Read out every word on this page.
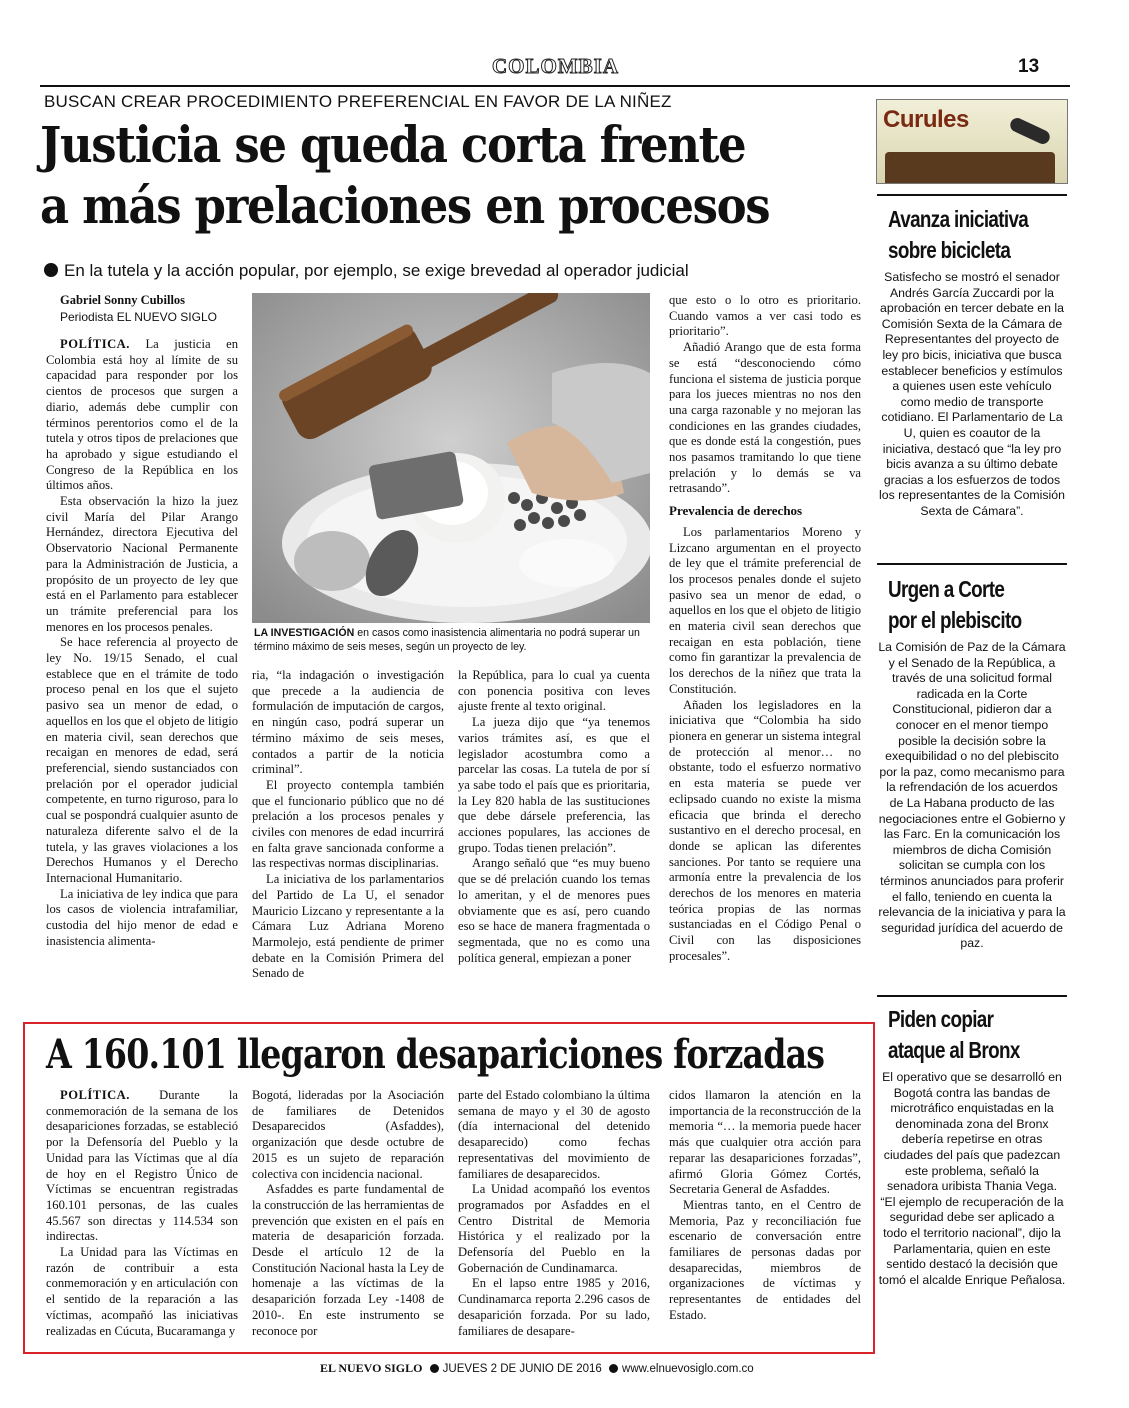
COLOMBIA	13
BUSCAN CREAR PROCEDIMIENTO PREFERENCIAL EN FAVOR DE LA NIÑEZ
Justicia se queda corta frente
a más prelaciones en procesos
En la tutela y la acción popular, por ejemplo, se exige brevedad al operador judicial
Gabriel Sonny Cubillos
Periodista EL NUEVO SIGLO

POLÍTICA. La justicia en Colombia está hoy al límite de su capacidad para responder por los cientos de procesos que surgen a diario, además debe cumplir con términos perentorios como el de la tutela y otros tipos de prelaciones que ha aprobado y sigue estudiando el Congreso de la República en los últimos años.

Esta observación la hizo la juez civil María del Pilar Arango Hernández, directora Ejecutiva del Observatorio Nacional Permanente para la Administración de Justicia, a propósito de un proyecto de ley que está en el Parlamento para establecer un trámite preferencial para los menores en los procesos penales.

Se hace referencia al proyecto de ley No. 19/15 Senado, el cual establece que en el trámite de todo proceso penal en los que el sujeto pasivo sea un menor de edad, o aquellos en los que el objeto de litigio en materia civil, sean derechos que recaigan en menores de edad, será preferencial, siendo sustanciados con prelación por el operador judicial competente, en turno riguroso, para lo cual se pospondrá cualquier asunto de naturaleza diferente salvo el de la tutela, y las graves violaciones a los Derechos Humanos y el Derecho Internacional Humanitario.

La iniciativa de ley indica que para los casos de violencia intrafamiliar, custodia del hijo menor de edad e inasistencia alimenta-

LA INVESTIGACIÓN en casos como inasistencia alimentaria no podrá superar un término máximo de seis meses, según un proyecto de ley.

ria, “la indagación o investigación que precede a la audiencia de formulación de imputación de cargos, en ningún caso, podrá superar un término máximo de seis meses, contados a partir de la noticia criminal”.

El proyecto contempla también que el funcionario público que no dé prelación a los procesos penales y civiles con menores de edad incurrirá en falta grave sancionada conforme a las respectivas normas disciplinarias.

La iniciativa de los parlamentarios del Partido de La U, el senador Mauricio Lizcano y representante a la Cámara Luz Adriana Moreno Marmolejo, está pendiente de primer debate en la Comisión Primera del Senado de

la República, para lo cual ya cuenta con ponencia positiva con leves ajuste frente al texto original.

La jueza dijo que “ya tenemos varios trámites así, es que el legislador acostumbra como a parcelar las cosas. La tutela de por sí ya sabe todo el país que es prioritaria, la Ley 820 habla de las sustituciones que debe dársele preferencia, las acciones populares, las acciones de grupo. Todas tienen prelación”.

Arango señaló que “es muy bueno que se dé prelación cuando los temas lo ameritan, y el de menores pues obviamente que es así, pero cuando eso se hace de manera fragmentada o segmentada, que no es como una política general, empiezan a poner

que esto o lo otro es prioritario. Cuando vamos a ver casi todo es prioritario”.

Añadió Arango que de esta forma se está “desconociendo cómo funciona el sistema de justicia porque para los jueces mientras no nos den una carga razonable y no mejoran las condiciones en las grandes ciudades, que es donde está la congestión, pues nos pasamos tramitando lo que tiene prelación y lo demás se va retrasando”.

Prevalencia de derechos

Los parlamentarios Moreno y Lizcano argumentan en el proyecto de ley que el trámite preferencial de los procesos penales donde el sujeto pasivo sea un menor de edad, o aquellos en los que el objeto de litigio en materia civil sean derechos que recaigan en esta población, tiene como fin garantizar la prevalencia de los derechos de la niñez que trata la Constitución.

Añaden los legisladores en la iniciativa que “Colombia ha sido pionera en generar un sistema integral de protección al menor… no obstante, todo el esfuerzo normativo en esta materia se puede ver eclipsado cuando no existe la misma eficacia que brinda el derecho sustantivo en el derecho procesal, en donde se aplican las diferentes sanciones. Por tanto se requiere una armonía entre la prevalencia de los derechos de los menores en materia teórica propias de las normas sustanciadas en el Código Penal o Civil con las disposiciones procesales”.

A 160.101 llegaron desapariciones forzadas

POLÍTICA. Durante la conmemoración de la semana de los desapariciones forzadas, se estableció por la Defensoría del Pueblo y la Unidad para las Víctimas que al día de hoy en el Registro Único de Víctimas se encuentran registradas 160.101 personas, de las cuales 45.567 son directas y 114.534 son indirectas.

La Unidad para las Víctimas en razón de contribuir a esta conmemoración y en articulación con el sentido de la reparación a las víctimas, acompañó las iniciativas realizadas en Cúcuta, Bucaramanga y

Bogotá, lideradas por la Asociación de familiares de Detenidos Desaparecidos (Asfaddes), organización que desde octubre de 2015 es un sujeto de reparación colectiva con incidencia nacional.

Asfaddes es parte fundamental de la construcción de las herramientas de prevención que existen en el país en materia de desaparición forzada. Desde el artículo 12 de la Constitución Nacional hasta la Ley de homenaje a las víctimas de la desaparición forzada Ley -1408 de 2010-. En este instrumento se reconoce por

parte del Estado colombiano la última semana de mayo y el 30 de agosto (día internacional del detenido desaparecido) como fechas representativas del movimiento de familiares de desaparecidos.

La Unidad acompañó los eventos programados por Asfaddes en el Centro Distrital de Memoria Histórica y el realizado por la Defensoría del Pueblo en la Gobernación de Cundinamarca.

En el lapso entre 1985 y 2016, Cundinamarca reporta 2.296 casos de desaparición forzada. Por su lado, familiares de desapare-

cidos llamaron la atención en la importancia de la reconstrucción de la memoria “… la memoria puede hacer más que cualquier otra acción para reparar las desapariciones forzadas”, afirmó Gloria Gómez Cortés, Secretaria General de Asfaddes.

Mientras tanto, en el Centro de Memoria, Paz y reconciliación fue escenario de conversación entre familiares de personas dadas por desaparecidas, miembros de organizaciones de víctimas y representantes de entidades del Estado.

Curules
Avanza iniciativa
sobre bicicleta

Satisfecho se mostró el senador Andrés García Zuccardi por la aprobación en tercer debate en la Comisión Sexta de la Cámara de Representantes del proyecto de ley pro bicis, iniciativa que busca establecer beneficios y estímulos a quienes usen este vehículo como medio de transporte cotidiano. El Parlamentario de La U, quien es coautor de la iniciativa, destacó que “la ley pro bicis avanza a su último debate gracias a los esfuerzos de todos los representantes de la Comisión Sexta de Cámara”.

Urgen a Corte
por el plebiscito

La Comisión de Paz de la Cámara y el Senado de la República, a través de una solicitud formal radicada en la Corte Constitucional, pidieron dar a conocer en el menor tiempo posible la decisión sobre la exequibilidad o no del plebiscito por la paz, como mecanismo para la refrendación de los acuerdos de La Habana producto de las negociaciones entre el Gobierno y las Farc. En la comunicación los miembros de dicha Comisión solicitan se cumpla con los términos anunciados para proferir el fallo, teniendo en cuenta la relevancia de la iniciativa y para la seguridad jurídica del acuerdo de paz.

Piden copiar
ataque al Bronx

El operativo que se desarrolló en Bogotá contra las bandas de microtráfico enquistadas en la denominada zona del Bronx debería repetirse en otras ciudades del país que padezcan este problema, señaló la senadora uribista Thania Vega. “El ejemplo de recuperación de la seguridad debe ser aplicado a todo el territorio nacional”, dijo la Parlamentaria, quien en este sentido destacó la decisión que tomó el alcalde Enrique Peñalosa.

EL NUEVO SIGLO JUEVES 2 DE JUNIO DE 2016 www.elnuevosiglo.com.co
